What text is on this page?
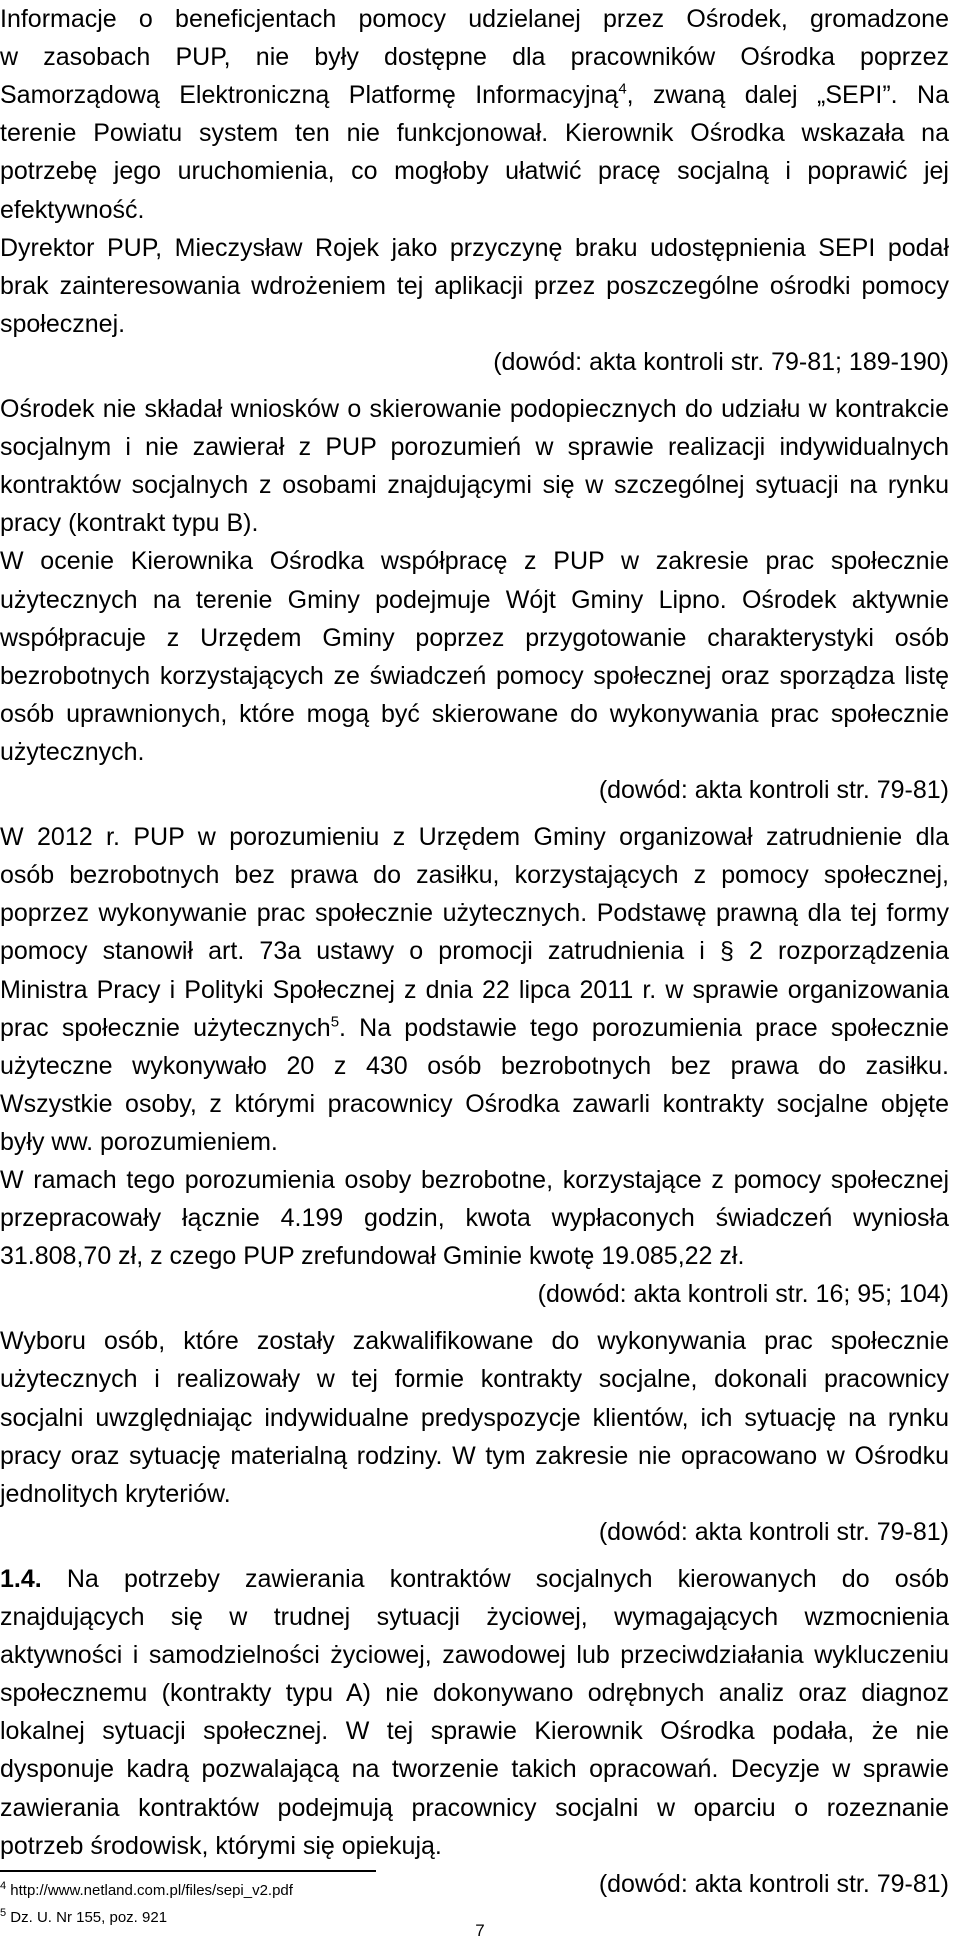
Informacje o beneficjentach pomocy udzielanej przez Ośrodek, gromadzone
w zasobach PUP, nie były dostępne dla pracowników Ośrodka poprzez
Samorządową Elektroniczną Platformę Informacyjną$^4$, zwaną dalej „SEPI”. Na
terenie Powiatu system ten nie funkcjonował. Kierownik Ośrodka wskazała na
potrzebę jego uruchomienia, co mogłoby ułatwić pracę socjalną i poprawić jej
efektywność.
Dyrektor PUP, Mieczysław Rojek jako przyczynę braku udostępnienia SEPI podał
brak zainteresowania wdrożeniem tej aplikacji przez poszczególne ośrodki pomocy
społecznej.
(dowód: akta kontroli str. 79-81; 189-190)
Ośrodek nie składał wniosków o skierowanie podopiecznych do udziału w kontrakcie
socjalnym i nie zawierał z PUP porozumień w sprawie realizacji indywidualnych
kontraktów socjalnych z osobami znajdującymi się w szczególnej sytuacji na rynku
pracy (kontrakt typu B).
W ocenie Kierownika Ośrodka współpracę z PUP w zakresie prac społecznie
użytecznych na terenie Gminy podejmuje Wójt Gminy Lipno. Ośrodek aktywnie
współpracuje z Urzędem Gminy poprzez przygotowanie charakterystyki osób
bezrobotnych korzystających ze świadczeń pomocy społecznej oraz sporządza listę
osób uprawnionych, które mogą być skierowane do wykonywania prac społecznie
użytecznych.
(dowód: akta kontroli str. 79-81)
W 2012 r. PUP w porozumieniu z Urzędem Gminy organizował zatrudnienie dla
osób bezrobotnych bez prawa do zasiłku, korzystających z pomocy społecznej,
poprzez wykonywanie prac społecznie użytecznych. Podstawę prawną dla tej formy
pomocy stanowił art. 73a ustawy o promocji zatrudnienia i § 2 rozporządzenia
Ministra Pracy i Polityki Społecznej z dnia 22 lipca 2011 r. w sprawie organizowania
prac społecznie użytecznych$^5$. Na podstawie tego porozumienia prace społecznie
użyteczne wykonywało 20 z 430 osób bezrobotnych bez prawa do zasiłku.
Wszystkie osoby, z którymi pracownicy Ośrodka zawarli kontrakty socjalne objęte
były ww. porozumieniem.
W ramach tego porozumienia osoby bezrobotne, korzystające z pomocy społecznej
przepracowały łącznie 4.199 godzin, kwota wypłaconych świadczeń wyniosła
31.808,70 zł, z czego PUP zrefundował Gminie kwotę 19.085,22 zł.
(dowód: akta kontroli str. 16; 95; 104)
Wyboru osób, które zostały zakwalifikowane do wykonywania prac społecznie
użytecznych i realizowały w tej formie kontrakty socjalne, dokonali pracownicy
socjalni uwzględniając indywidualne predyspozycje klientów, ich sytuację na rynku
pracy oraz sytuację materialną rodziny. W tym zakresie nie opracowano w Ośrodku
jednolitych kryteriów.
(dowód: akta kontroli str. 79-81)
1.4. Na potrzeby zawierania kontraktów socjalnych kierowanych do osób
znajdujących się w trudnej sytuacji życiowej, wymagających wzmocnienia
aktywności i samodzielności życiowej, zawodowej lub przeciwdziałania wykluczeniu
społecznemu (kontrakty typu A) nie dokonywano odrębnych analiz oraz diagnoz
lokalnej sytuacji społecznej. W tej sprawie Kierownik Ośrodka podała, że nie
dysponuje kadrą pozwalającą na tworzenie takich opracowań. Decyzje w sprawie
zawierania kontraktów podejmują pracownicy socjalni w oparciu o rozeznanie
potrzeb środowisk, którymi się opiekują.
(dowód: akta kontroli str. 79-81)
$^4$ http://www.netland.com.pl/files/sepi_v2.pdf
$^5$ Dz. U. Nr 155, poz. 921
7
